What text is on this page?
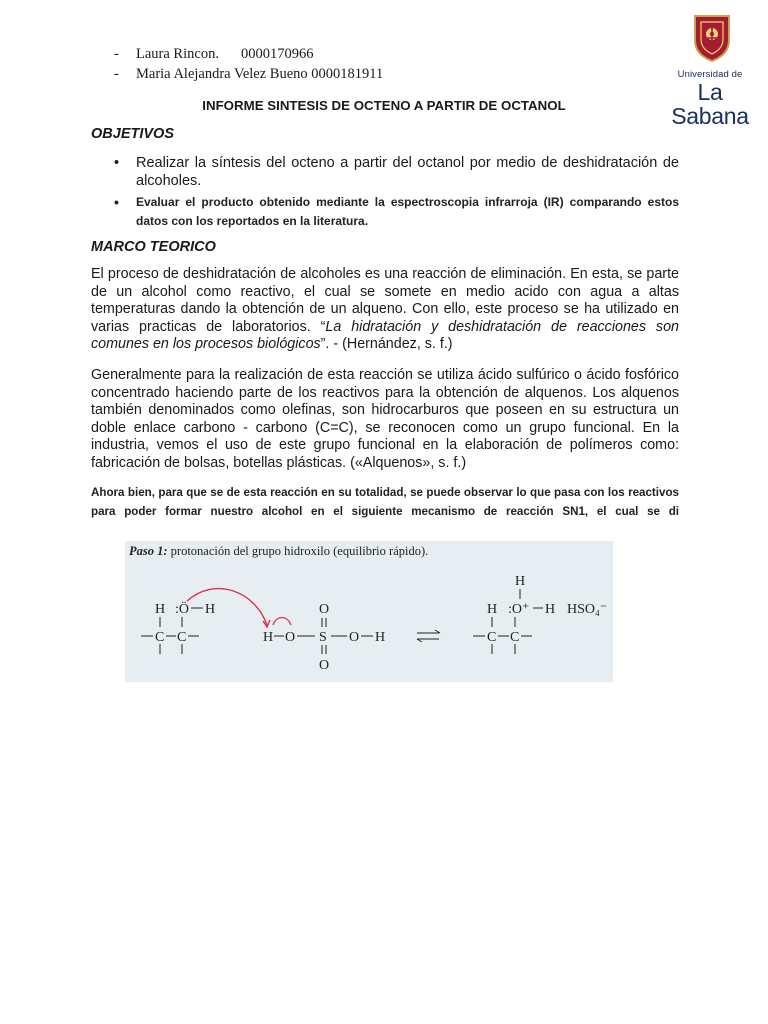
- Laura Rincon. 0000170966
- Maria Alejandra Velez Bueno 0000181911	Universidad de
La Sabana
INFORME SINTESIS DE OCTENO A PARTIR DE OCTANOL
OBJETIVOS
• Realizar la síntesis del octeno a partir del octanol por medio de deshidratación de alcoholes.
• Evaluar el producto obtenido mediante la espectroscopia infrarroja (IR) comparando estos datos con los reportados en la literatura.
MARCO TEORICO
El proceso de deshidratación de alcoholes es una reacción de eliminación. En esta, se parte de un alcohol como reactivo, el cual se somete en medio acido con agua a altas temperaturas dando la obtención de un alqueno. Con ello, este proceso se ha utilizado en varias practicas de laboratorios. “La hidratación y deshidratación de reacciones son comunes en los procesos biológicos”. - (Hernández, s. f.)
Generalmente para la realización de esta reacción se utiliza ácido sulfúrico o ácido fosfórico concentrado haciendo parte de los reactivos para la obtención de alquenos. Los alquenos también denominados como olefinas, son hidrocarburos que poseen en su estructura un doble enlace carbono - carbono (C=C), se reconocen como un grupo funcional. En la industria, vemos el uso de este grupo funcional en la elaboración de polímeros como: fabricación de bolsas, botellas plásticas. («Alquenos», s. f.)
Ahora bien, para que se de esta reacción en su totalidad, se puede observar lo que pasa con los reactivos
para poder formar nuestro alcohol en el siguiente mecanismo de reacción SN1, el cual se di
Paso 1: protonación del grupo hidroxilo (equilibrio rápido).
H :Ö H
C C	H O S
O
O
O H
H
H :O⁺ H
C C
HSO₄⁻
